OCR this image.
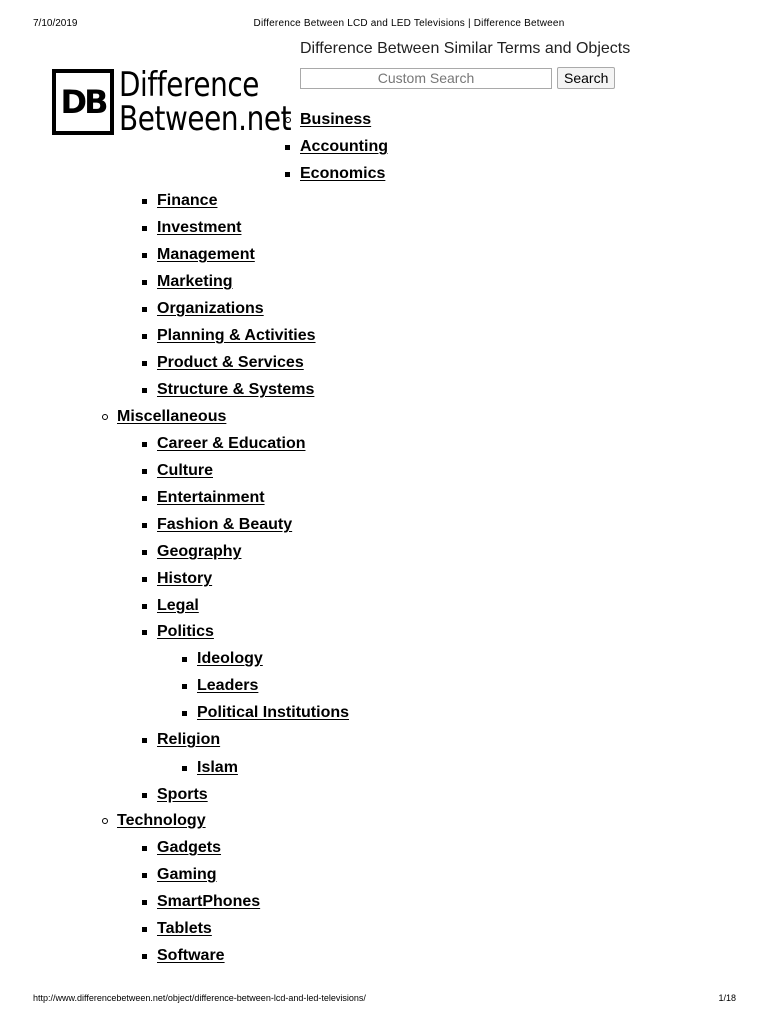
7/10/2019	Difference Between LCD and LED Televisions | Difference Between
DB Difference
Between.net
Difference Between Similar Terms and Objects
Custom Search
Search
Business
Accounting
Economics
Finance
Investment
Management
Marketing
Organizations
Planning & Activities
Product & Services
Structure & Systems
Miscellaneous
Career & Education
Culture
Entertainment
Fashion & Beauty
Geography
History
Legal
Politics
Ideology
Leaders
Political Institutions
Religion
Islam
Sports
Technology
Gadgets
Gaming
SmartPhones
Tablets
Software
http://www.differencebetween.net/object/difference-between-lcd-and-led-televisions/	1/18
